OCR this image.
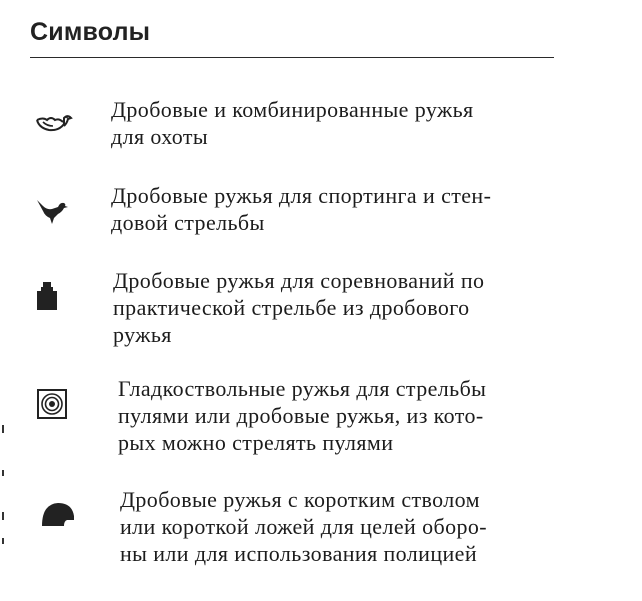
Символы
Дробовые и комбинированные ружья
для охоты
Дробовые ружья для спортинга и стен-
довой стрельбы
Дробовые ружья для соревнований по
практической стрельбе из дробового
ружья
Гладкоствольные ружья для стрельбы
пулями или дробовые ружья, из кото-
рых можно стрелять пулями
Дробовые ружья с коротким стволом
или короткой ложей для целей оборо-
ны или для использования полицией
